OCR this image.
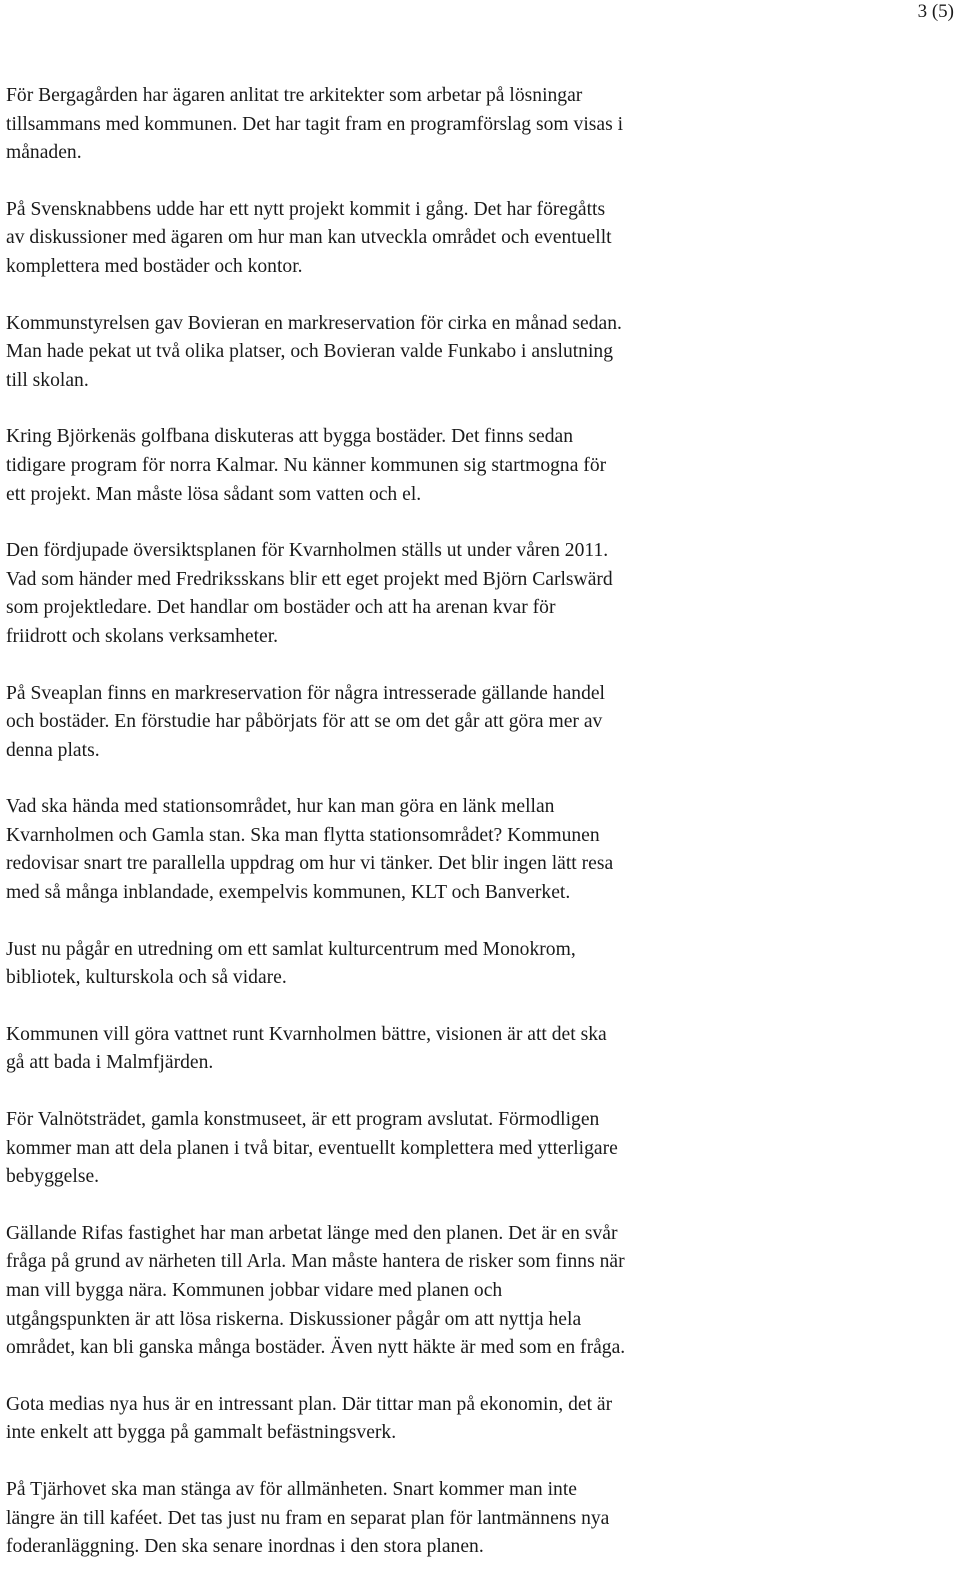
3 (5)

För Bergagården har ägaren anlitat tre arkitekter som arbetar på lösningar
tillsammans med kommunen. Det har tagit fram en programförslag som visas i
månaden.

På Svensknabbens udde har ett nytt projekt kommit i gång. Det har föregåtts
av diskussioner med ägaren om hur man kan utveckla området och eventuellt
komplettera med bostäder och kontor.

Kommunstyrelsen gav Bovieran en markreservation för cirka en månad sedan.
Man hade pekat ut två olika platser, och Bovieran valde Funkabo i anslutning
till skolan.

Kring Björkenäs golfbana diskuteras att bygga bostäder. Det finns sedan
tidigare program för norra Kalmar. Nu känner kommunen sig startmogna för
ett projekt. Man måste lösa sådant som vatten och el.

Den fördjupade översiktsplanen för Kvarnholmen ställs ut under våren 2011.
Vad som händer med Fredriksskans blir ett eget projekt med Björn Carlswärd
som projektledare. Det handlar om bostäder och att ha arenan kvar för
friidrott och skolans verksamheter.

På Sveaplan finns en markreservation för några intresserade gällande handel
och bostäder. En förstudie har påbörjats för att se om det går att göra mer av
denna plats.

Vad ska hända med stationsområdet, hur kan man göra en länk mellan
Kvarnholmen och Gamla stan. Ska man flytta stationsområdet? Kommunen
redovisar snart tre parallella uppdrag om hur vi tänker. Det blir ingen lätt resa
med så många inblandade, exempelvis kommunen, KLT och Banverket.

Just nu pågår en utredning om ett samlat kulturcentrum med Monokrom,
bibliotek, kulturskola och så vidare.

Kommunen vill göra vattnet runt Kvarnholmen bättre, visionen är att det ska
gå att bada i Malmfjärden.

För Valnötsträdet, gamla konstmuseet, är ett program avslutat. Förmodligen
kommer man att dela planen i två bitar, eventuellt komplettera med ytterligare
bebyggelse.

Gällande Rifas fastighet har man arbetat länge med den planen. Det är en svår
fråga på grund av närheten till Arla. Man måste hantera de risker som finns när
man vill bygga nära. Kommunen jobbar vidare med planen och
utgångspunkten är att lösa riskerna. Diskussioner pågår om att nyttja hela
området, kan bli ganska många bostäder. Även nytt häkte är med som en fråga.

Gota medias nya hus är en intressant plan. Där tittar man på ekonomin, det är
inte enkelt att bygga på gammalt befästningsverk.

På Tjärhovet ska man stänga av för allmänheten. Snart kommer man inte
längre än till kaféet. Det tas just nu fram en separat plan för lantmännens nya
foderanläggning. Den ska senare inordnas i den stora planen.
